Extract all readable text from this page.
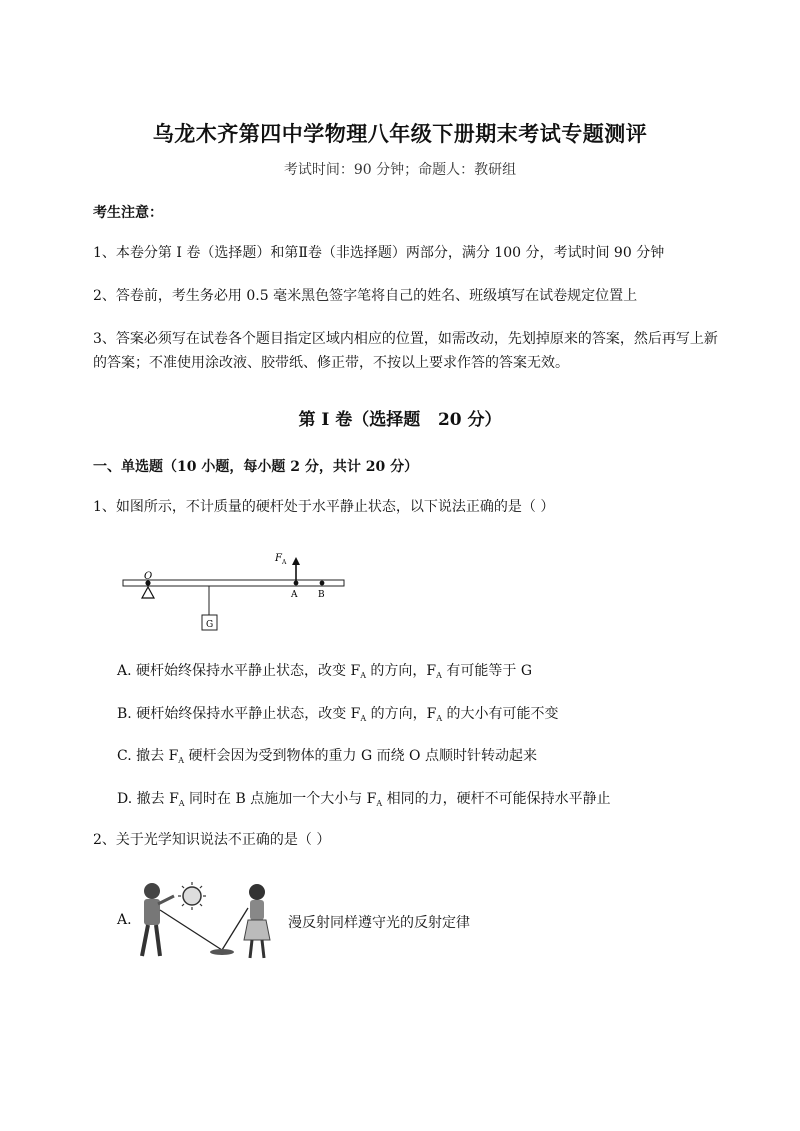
乌龙木齐第四中学物理八年级下册期末考试专题测评
考试时间：90 分钟；命题人：教研组
考生注意：
1、本卷分第 I 卷（选择题）和第Ⅱ卷（非选择题）两部分，满分 100 分，考试时间 90 分钟
2、答卷前，考生务必用 0.5 毫米黑色签字笔将自己的姓名、班级填写在试卷规定位置上
3、答案必须写在试卷各个题目指定区域内相应的位置，如需改动，先划掉原来的答案，然后再写上新的答案；不准使用涂改液、胶带纸、修正带，不按以上要求作答的答案无效。
第 I 卷（选择题   20 分）
一、单选题（10 小题，每小题 2 分，共计 20 分）
1、如图所示，不计质量的硬杆处于水平静止状态，以下说法正确的是（ ）
O
G
F A
A B
A. 硬杆始终保持水平静止状态，改变 $F_A$ 的方向，$F_A$ 有可能等于 G
B. 硬杆始终保持水平静止状态，改变 $F_A$ 的方向，$F_A$ 的大小有可能不变
C. 撤去 $F_A$ 硬杆会因为受到物体的重力 G 而绕 O 点顺时针转动起来
D. 撤去 $F_A$ 同时在 B 点施加一个大小与 $F_A$ 相同的力，硬杆不可能保持水平静止
2、关于光学知识说法不正确的是（ ）
A.	漫反射同样遵守光的反射定律
